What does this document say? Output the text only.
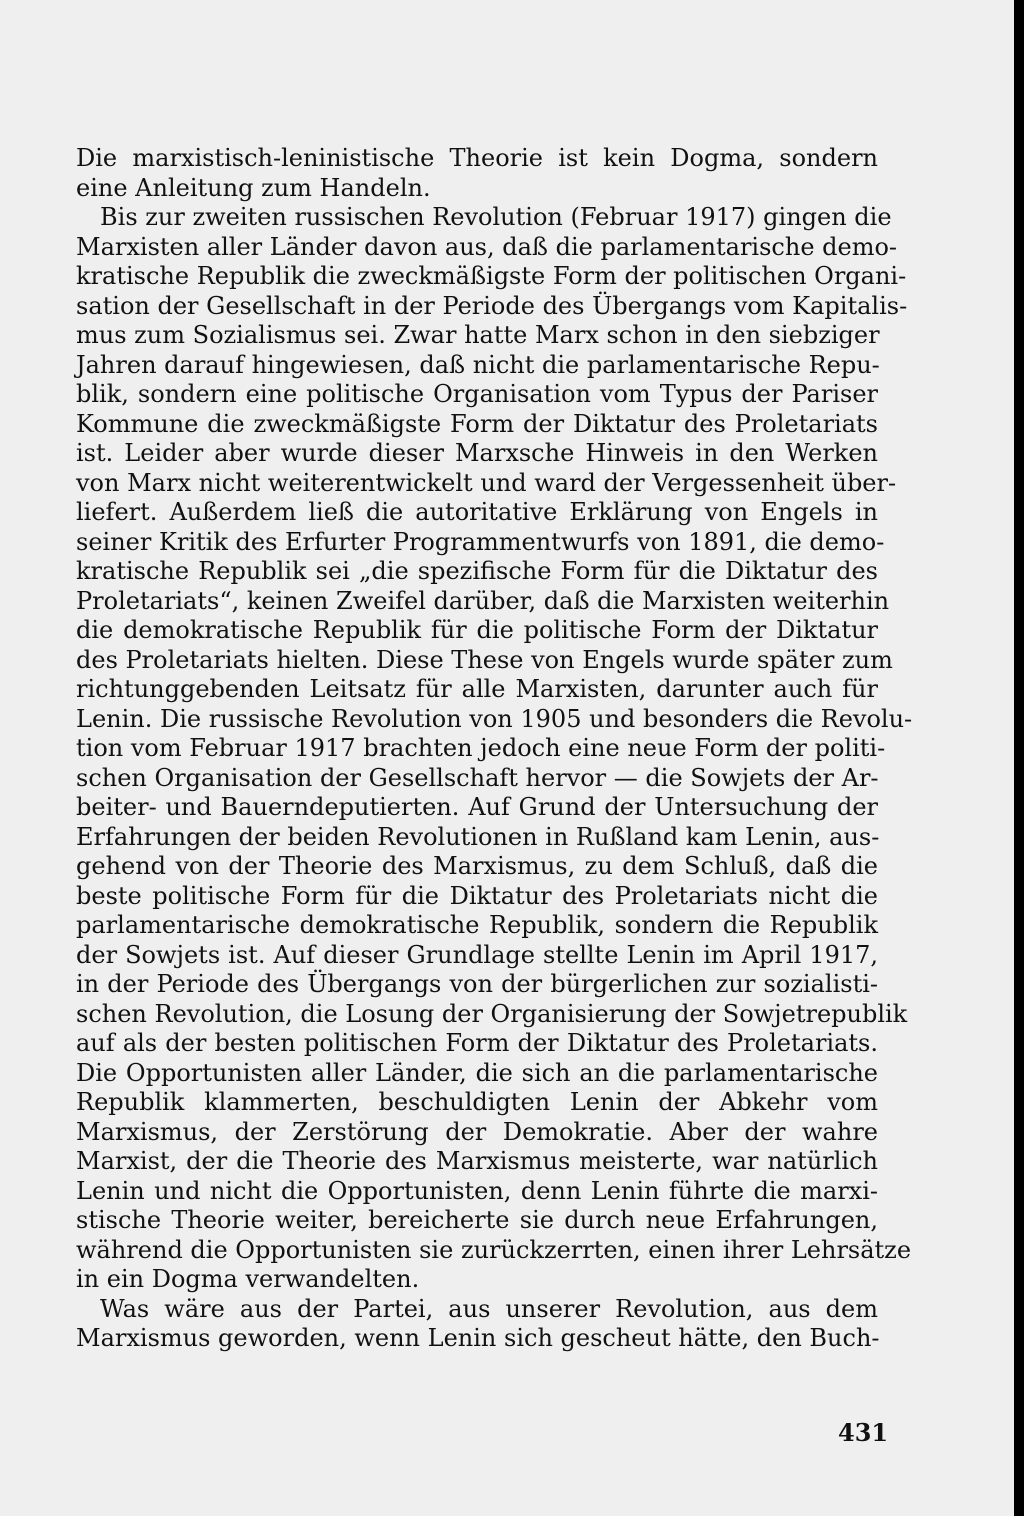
Die marxistisch-leninistische Theorie ist kein Dogma, sondern
eine Anleitung zum Handeln.
Bis zur zweiten russischen Revolution (Februar 1917) gingen die
Marxisten aller Länder davon aus, daß die parlamentarische demo-
kratische Republik die zweckmäßigste Form der politischen Organi-
sation der Gesellschaft in der Periode des Übergangs vom Kapitalis-
mus zum Sozialismus sei. Zwar hatte Marx schon in den siebziger
Jahren darauf hingewiesen, daß nicht die parlamentarische Repu-
blik, sondern eine politische Organisation vom Typus der Pariser
Kommune die zweckmäßigste Form der Diktatur des Proletariats
ist. Leider aber wurde dieser Marxsche Hinweis in den Werken
von Marx nicht weiterentwickelt und ward der Vergessenheit über-
liefert. Außerdem ließ die autoritative Erklärung von Engels in
seiner Kritik des Erfurter Programmentwurfs von 1891, die demo-
kratische Republik sei „die spezifische Form für die Diktatur des
Proletariats“, keinen Zweifel darüber, daß die Marxisten weiterhin
die demokratische Republik für die politische Form der Diktatur
des Proletariats hielten. Diese These von Engels wurde später zum
richtunggebenden Leitsatz für alle Marxisten, darunter auch für
Lenin. Die russische Revolution von 1905 und besonders die Revolu-
tion vom Februar 1917 brachten jedoch eine neue Form der politi-
schen Organisation der Gesellschaft hervor — die Sowjets der Ar-
beiter- und Bauerndeputierten. Auf Grund der Untersuchung der
Erfahrungen der beiden Revolutionen in Rußland kam Lenin, aus-
gehend von der Theorie des Marxismus, zu dem Schluß, daß die
beste politische Form für die Diktatur des Proletariats nicht die
parlamentarische demokratische Republik, sondern die Republik
der Sowjets ist. Auf dieser Grundlage stellte Lenin im April 1917,
in der Periode des Übergangs von der bürgerlichen zur sozialisti-
schen Revolution, die Losung der Organisierung der Sowjetrepublik
auf als der besten politischen Form der Diktatur des Proletariats.
Die Opportunisten aller Länder, die sich an die parlamentarische
Republik klammerten, beschuldigten Lenin der Abkehr vom
Marxismus, der Zerstörung der Demokratie. Aber der wahre
Marxist, der die Theorie des Marxismus meisterte, war natürlich
Lenin und nicht die Opportunisten, denn Lenin führte die marxi-
stische Theorie weiter, bereicherte sie durch neue Erfahrungen,
während die Opportunisten sie zurückzerrten, einen ihrer Lehrsätze
in ein Dogma verwandelten.
Was wäre aus der Partei, aus unserer Revolution, aus dem
Marxismus geworden, wenn Lenin sich gescheut hätte, den Buch-
431
